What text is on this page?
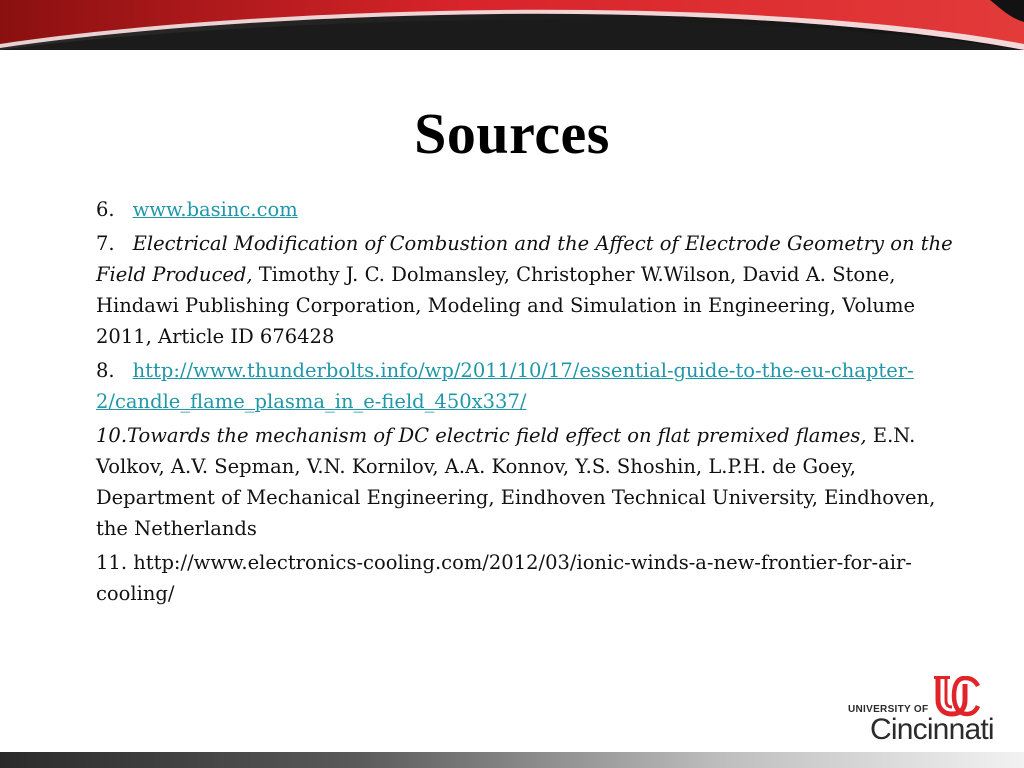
Sources

6. www.basinc.com

7. Electrical Modification of Combustion and the Affect of Electrode Geometry on the Field Produced, Timothy J. C. Dolmansley, Christopher W.Wilson, David A. Stone, Hindawi Publishing Corporation, Modeling and Simulation in Engineering, Volume 2011, Article ID 676428

8. http://www.thunderbolts.info/wp/2011/10/17/essential-guide-to-the-eu-chapter-2/candle_flame_plasma_in_e-field_450x337/

10.Towards the mechanism of DC electric field effect on flat premixed flames, E.N. Volkov, A.V. Sepman, V.N. Kornilov, A.A. Konnov, Y.S. Shoshin, L.P.H. de Goey, Department of Mechanical Engineering, Eindhoven Technical University, Eindhoven, the Netherlands

11. http://www.electronics-cooling.com/2012/03/ionic-winds-a-new-frontier-for-air-cooling/

UNIVERSITY OF
Cincinnati
